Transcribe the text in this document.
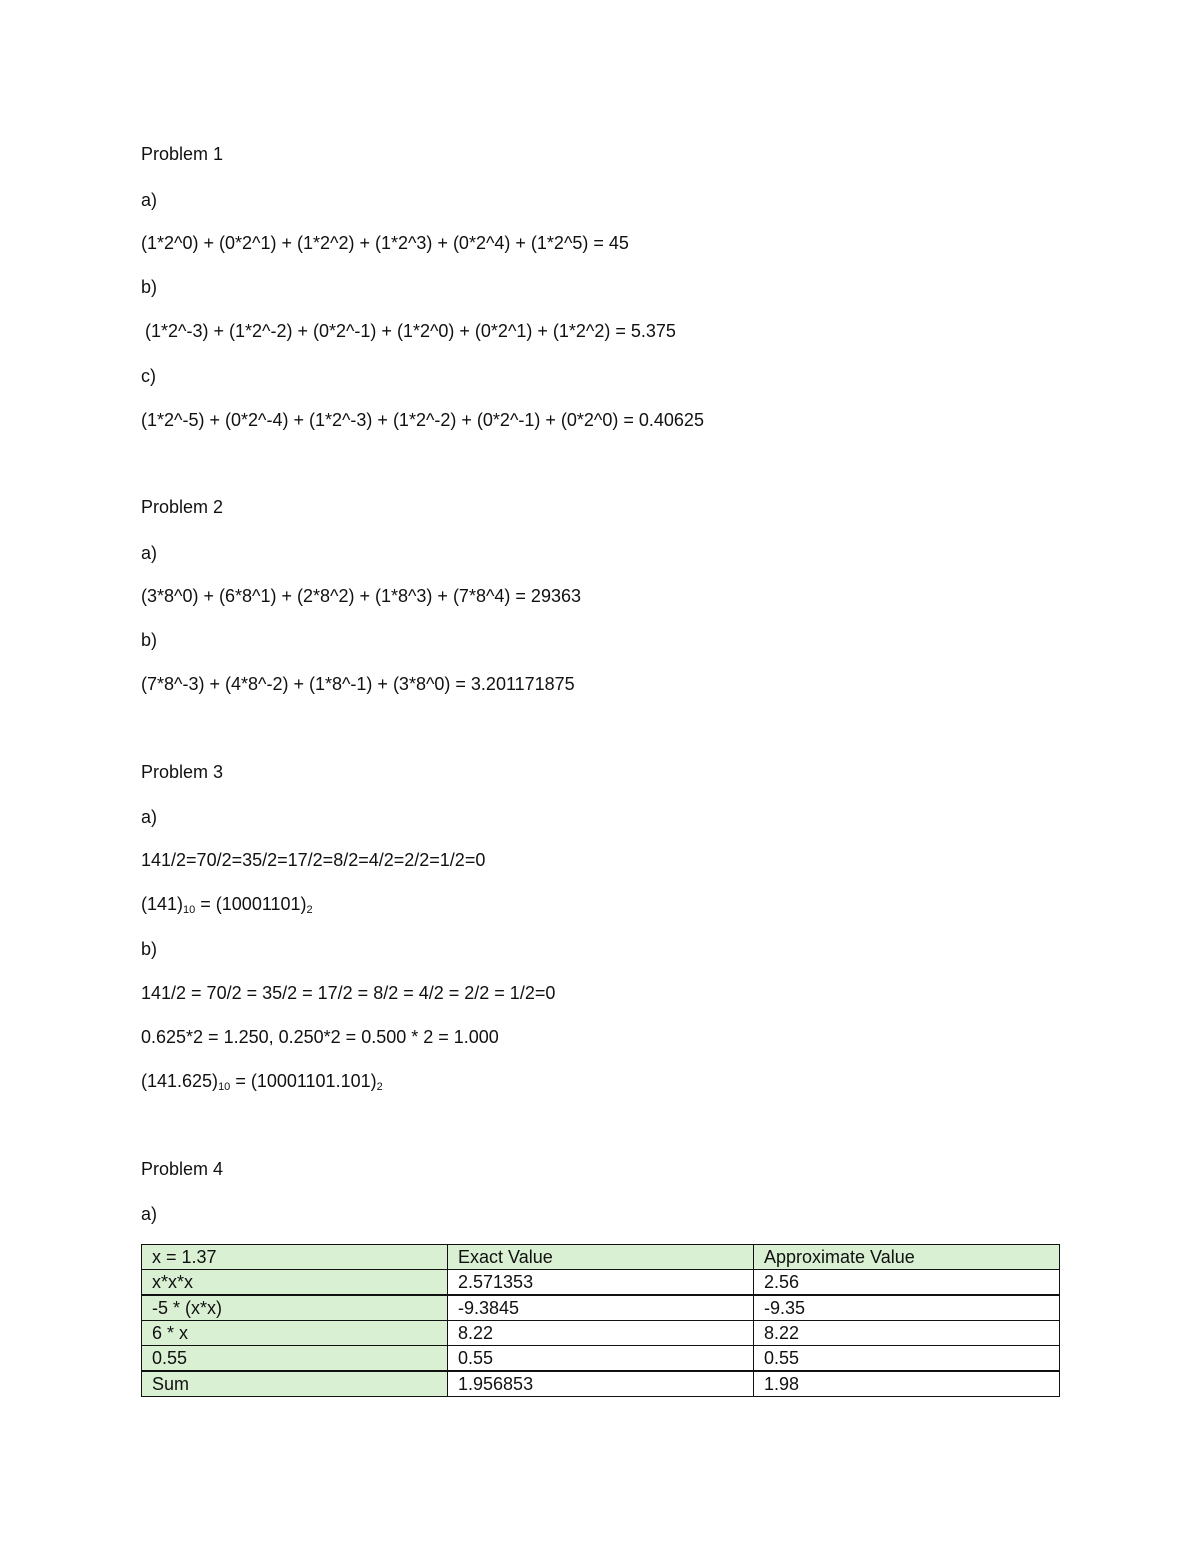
Problem 1
a)
(1*2^0) + (0*2^1) + (1*2^2) + (1*2^3) + (0*2^4) + (1*2^5) = 45
b)
(1*2^-3) + (1*2^-2) + (0*2^-1) + (1*2^0) + (0*2^1) + (1*2^2) = 5.375
c)
(1*2^-5) + (0*2^-4) + (1*2^-3) + (1*2^-2) + (0*2^-1) + (0*2^0) = 0.40625
Problem 2
a)
(3*8^0) + (6*8^1) + (2*8^2) + (1*8^3) + (7*8^4) = 29363
b)
(7*8^-3) + (4*8^-2) + (1*8^-1) + (3*8^0) = 3.201171875
Problem 3
a)
141/2=70/2=35/2=17/2=8/2=4/2=2/2=1/2=0
$(141)_{10} = (10001101)_2$
b)
141/2 = 70/2 = 35/2 = 17/2 = 8/2 = 4/2 = 2/2 = 1/2=0
0.625*2 = 1.250, 0.250*2 = 0.500 * 2 = 1.000
$(141.625)_{10} = (10001101.101)_2$
Problem 4
a)
x = 1.37	Exact Value	Approximate Value
x*x*x	2.571353	2.56
-5 * (x*x)	-9.3845	-9.35
6 * x	8.22	8.22
0.55	0.55	0.55
Sum	1.956853	1.98
